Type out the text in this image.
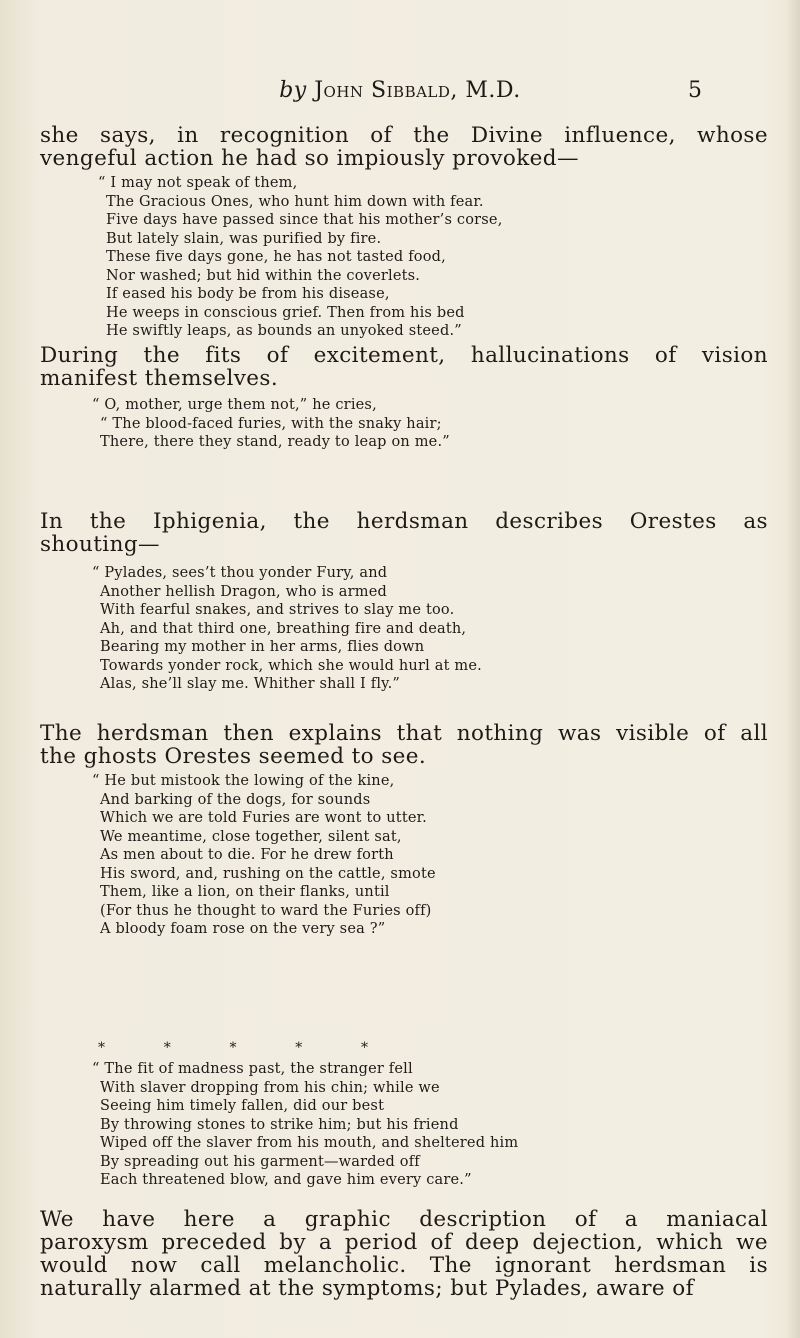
by John Sibbald, M.D.	5
she says, in recognition of the Divine influence, whose
vengeful action he had so impiously provoked—
“ I may not speak of them,
The Gracious Ones, who hunt him down with fear.
Five days have passed since that his mother’s corse,
But lately slain, was purified by fire.
These five days gone, he has not tasted food,
Nor washed; but hid within the coverlets.
If eased his body be from his disease,
He weeps in conscious grief. Then from his bed
He swiftly leaps, as bounds an unyoked steed.”
During the fits of excitement, hallucinations of vision
manifest themselves.
“ O, mother, urge them not,” he cries,
“ The blood-faced furies, with the snaky hair;
There, there they stand, ready to leap on me.”
In the Iphigenia, the herdsman describes Orestes as
shouting—
“ Pylades, sees’t thou yonder Fury, and
Another hellish Dragon, who is armed
With fearful snakes, and strives to slay me too.
Ah, and that third one, breathing fire and death,
Bearing my mother in her arms, flies down
Towards yonder rock, which she would hurl at me.
Alas, she’ll slay me. Whither shall I fly.”
The herdsman then explains that nothing was visible of all
the ghosts Orestes seemed to see.
“ He but mistook the lowing of the kine,
And barking of the dogs, for sounds
Which we are told Furies are wont to utter.
We meantime, close together, silent sat,
As men about to die. For he drew forth
His sword, and, rushing on the cattle, smote
Them, like a lion, on their flanks, until
(For thus he thought to ward the Furies off)
A bloody foam rose on the very sea ?”
*	*	*	*	*
“ The fit of madness past, the stranger fell
With slaver dropping from his chin; while we
Seeing him timely fallen, did our best
By throwing stones to strike him; but his friend
Wiped off the slaver from his mouth, and sheltered him
By spreading out his garment—warded off
Each threatened blow, and gave him every care.”
We have here a graphic description of a maniacal
paroxysm preceded by a period of deep dejection, which we
would now call melancholic. The ignorant herdsman is
naturally alarmed at the symptoms; but Pylades, aware of
